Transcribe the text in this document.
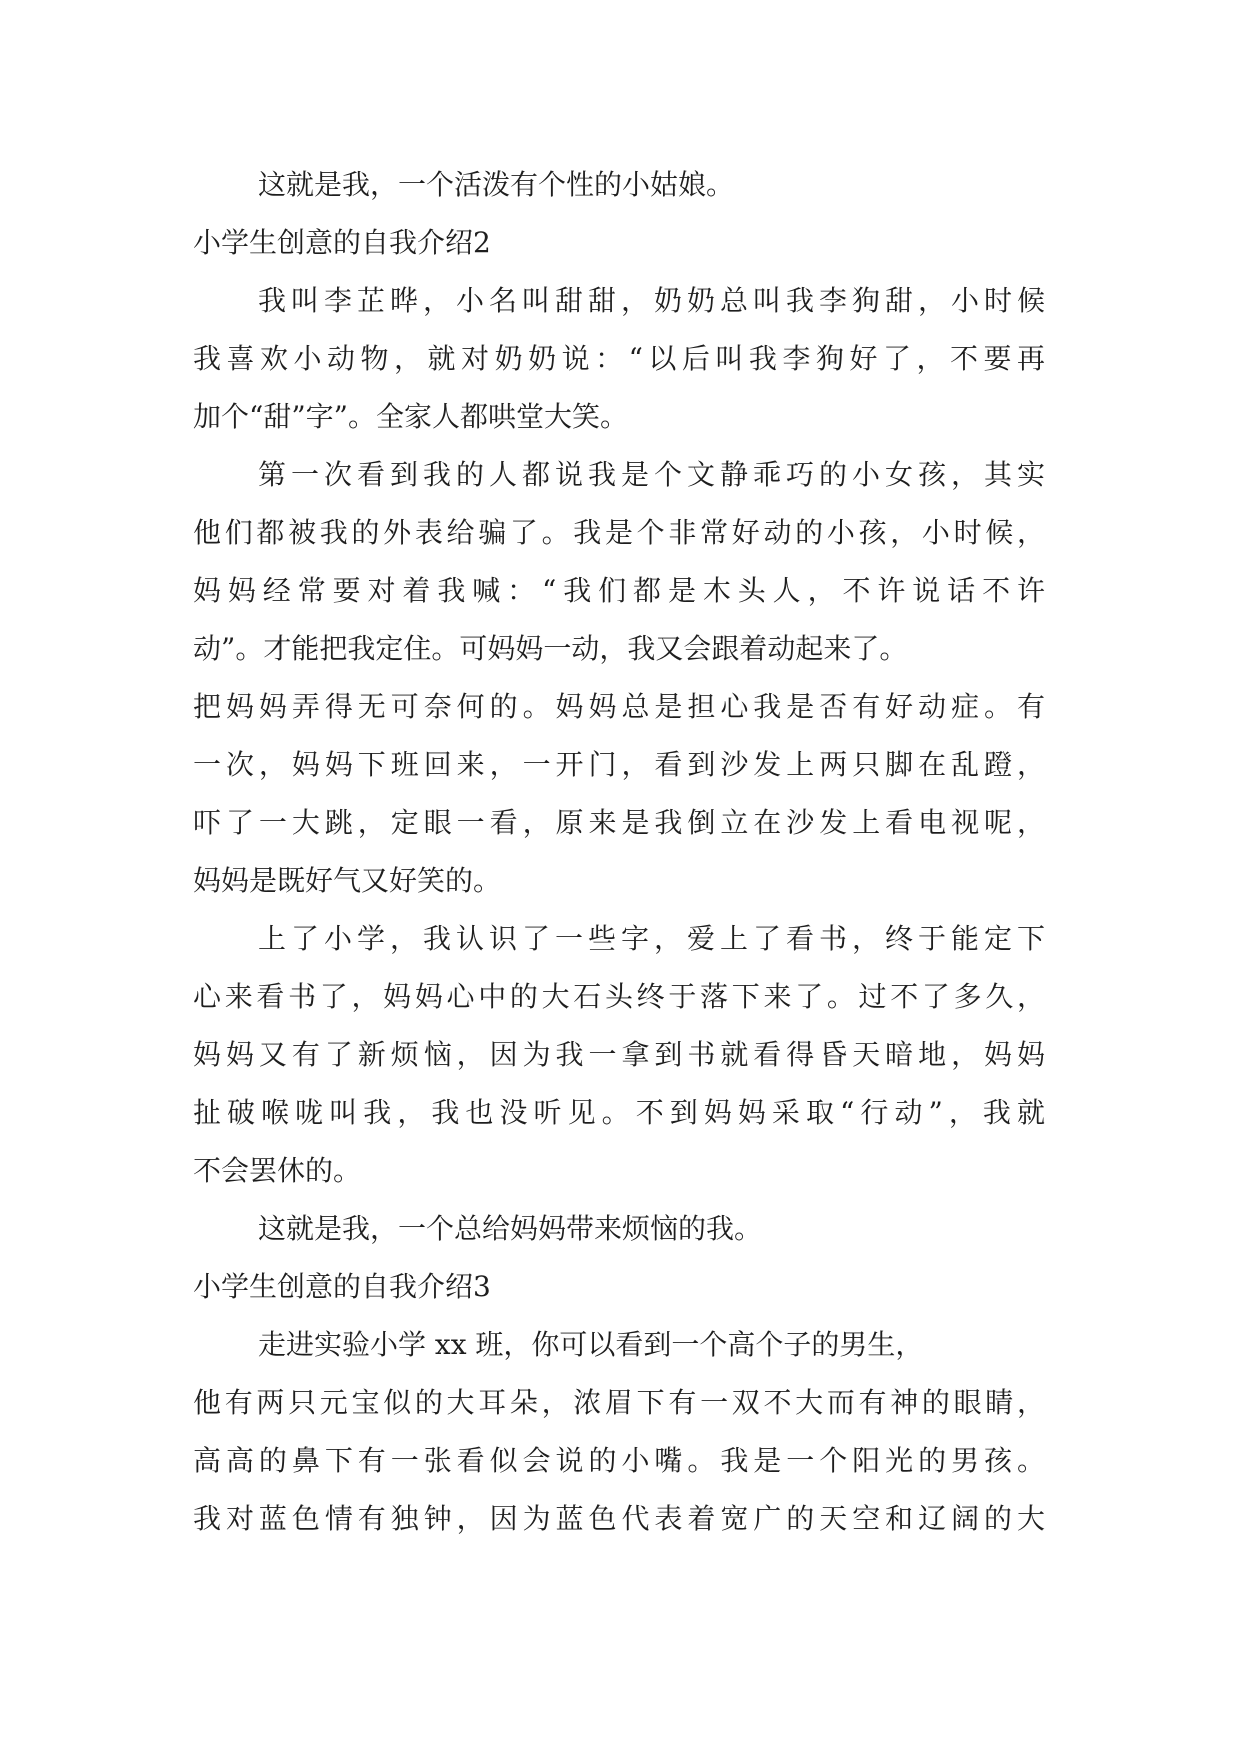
这就是我，一个活泼有个性的小姑娘。
小学生创意的自我介绍2
我叫李芷晔，小名叫甜甜，奶奶总叫我李狗甜，小时候
我喜欢小动物，就对奶奶说：“以后叫我李狗好了，不要再
加个“甜”字”。全家人都哄堂大笑。
第一次看到我的人都说我是个文静乖巧的小女孩，其实
他们都被我的外表给骗了。我是个非常好动的小孩，小时候，
妈妈经常要对着我喊：“我们都是木头人，不许说话不许
动”。才能把我定住。可妈妈一动，我又会跟着动起来了。
把妈妈弄得无可奈何的。妈妈总是担心我是否有好动症。有
一次，妈妈下班回来，一开门，看到沙发上两只脚在乱蹬，
吓了一大跳，定眼一看，原来是我倒立在沙发上看电视呢，
妈妈是既好气又好笑的。
上了小学，我认识了一些字，爱上了看书，终于能定下
心来看书了，妈妈心中的大石头终于落下来了。过不了多久，
妈妈又有了新烦恼，因为我一拿到书就看得昏天暗地，妈妈
扯破喉咙叫我，我也没听见。不到妈妈采取“行动”，我就
不会罢休的。
这就是我，一个总给妈妈带来烦恼的我。
小学生创意的自我介绍3
走进实验小学 xx 班，你可以看到一个高个子的男生，
他有两只元宝似的大耳朵，浓眉下有一双不大而有神的眼睛，
高高的鼻下有一张看似会说的小嘴。我是一个阳光的男孩。
我对蓝色情有独钟，因为蓝色代表着宽广的天空和辽阔的大
